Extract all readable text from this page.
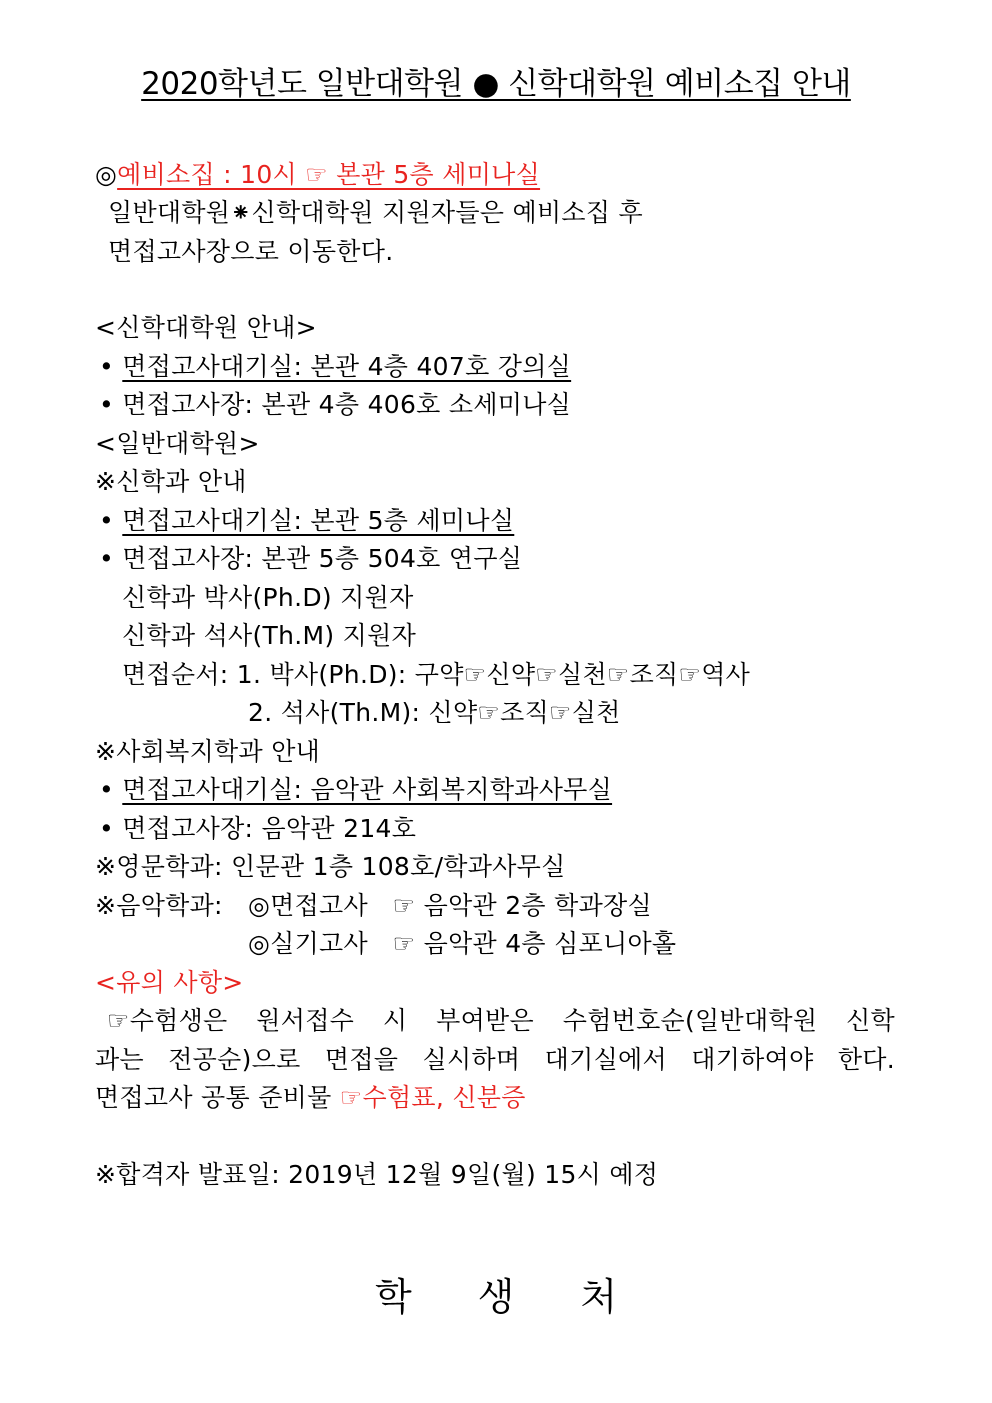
2020학년도 일반대학원 ● 신학대학원 예비소집 안내
◎예비소집 : 10시 ☞ 본관 5층 세미나실
일반대학원⁕신학대학원 지원자들은 예비소집 후
면접고사장으로 이동한다.
<신학대학원 안내>
• 면접고사대기실: 본관 4층 407호 강의실
• 면접고사장: 본관 4층 406호 소세미나실
<일반대학원>
※신학과 안내
• 면접고사대기실: 본관 5층 세미나실
• 면접고사장: 본관 5층 504호 연구실
신학과 박사(Ph.D) 지원자
신학과 석사(Th.M) 지원자
면접순서: 1. 박사(Ph.D): 구약☞신약☞실천☞조직☞역사
2. 석사(Th.M): 신약☞조직☞실천
※사회복지학과 안내
• 면접고사대기실: 음악관 사회복지학과사무실
• 면접고사장: 음악관 214호
※영문학과: 인문관 1층 108호/학과사무실
※음악학과: ◎면접고사   ☞ 음악관 2층 학과장실
◎실기고사   ☞ 음악관 4층 심포니아홀
<유의 사항>
☞수험생은 원서접수 시 부여받은 수험번호순(일반대학원 신학
과는 전공순)으로 면접을 실시하며 대기실에서 대기하여야 한다.
면접고사 공통 준비물 ☞수험표, 신분증
※합격자 발표일: 2019년 12월 9일(월) 15시 예정
학생처
